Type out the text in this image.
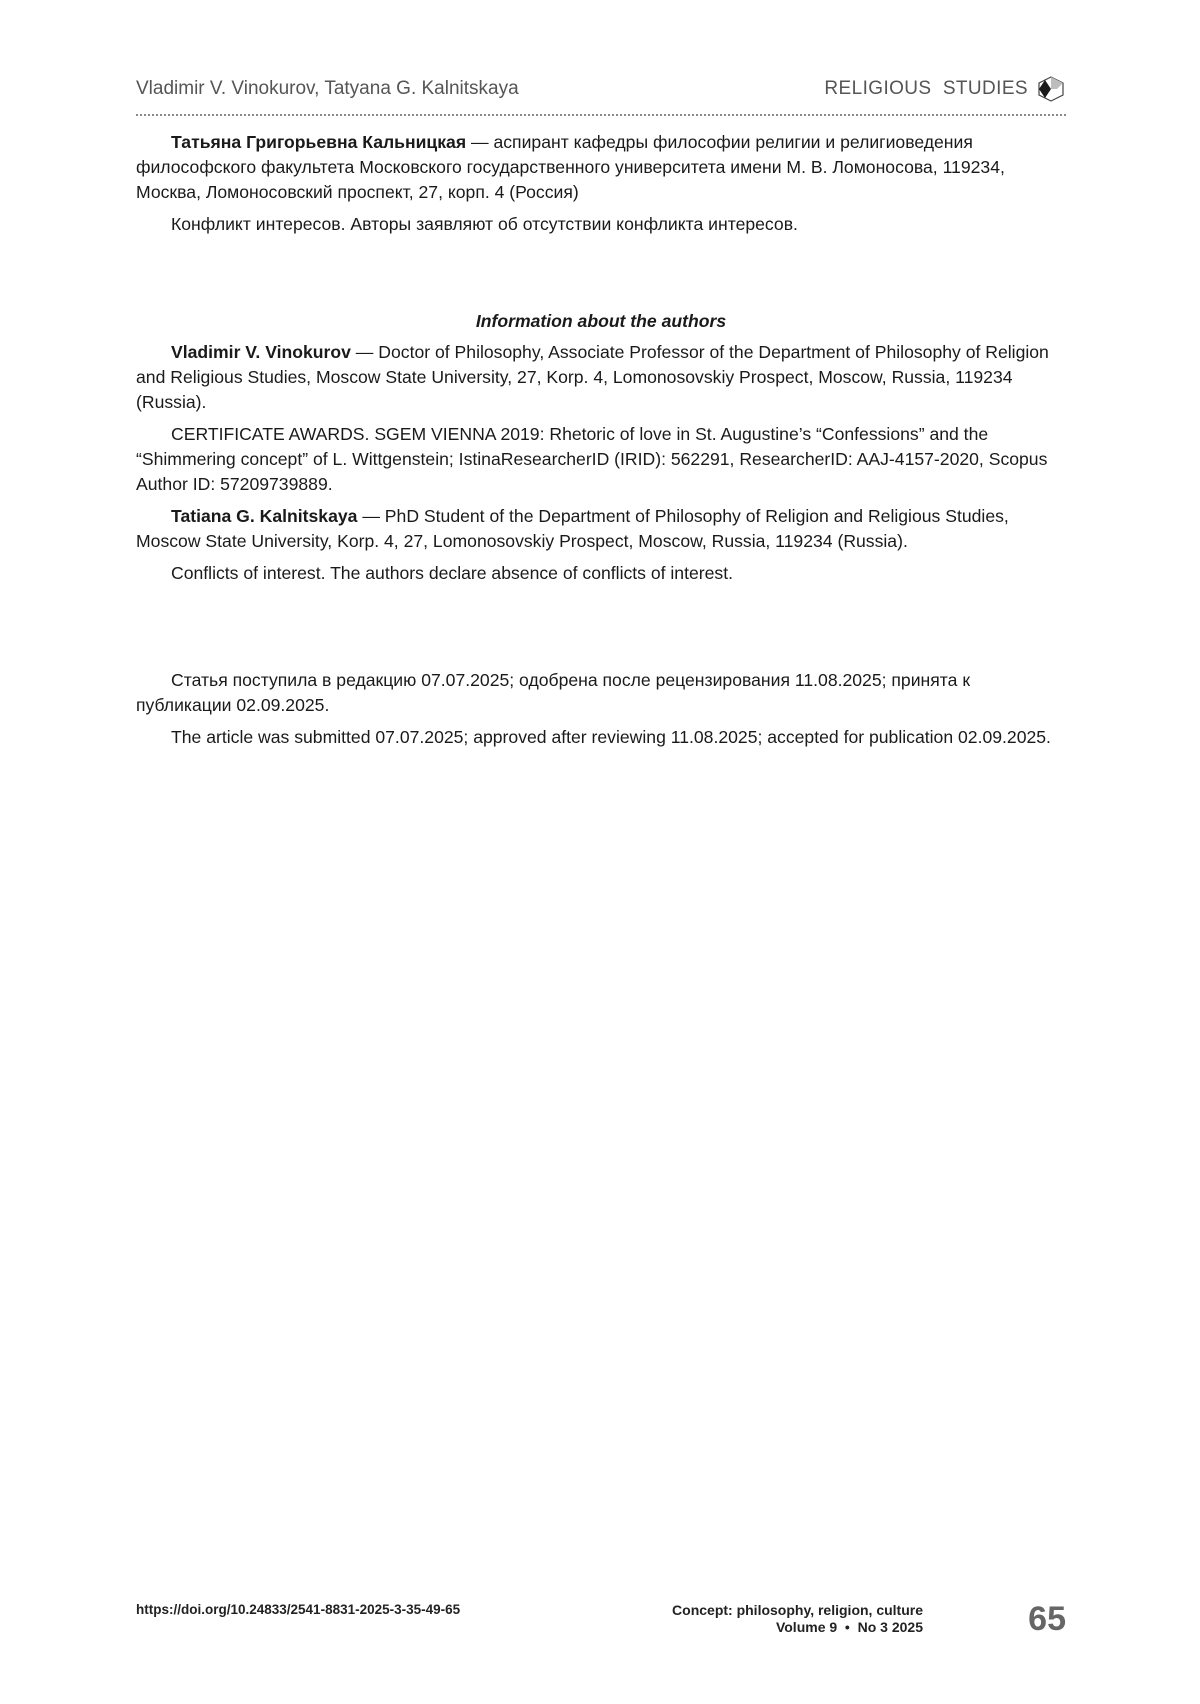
Vladimir V. Vinokurov, Tatyana G. Kalnitskaya	RELIGIOUS  STUDIES

Татьяна Григорьевна Кальницкая — аспирант кафедры философии религии и религиоведения философского факультета Московского государственного университета имени М. В. Ломоносова, 119234, Москва, Ломоносовский проспект, 27, корп. 4 (Россия)

Конфликт интересов. Авторы заявляют об отсутствии конфликта интересов.

Information about the authors

Vladimir V. Vinokurov — Doctor of Philosophy, Associate Professor of the Department of Philosophy of Religion and Religious Studies, Moscow State University, 27, Korp. 4, Lomonosovskiy Prospect, Moscow, Russia, 119234 (Russia).

CERTIFICATE AWARDS. SGEM VIENNA 2019: Rhetoric of love in St. Augustine’s “Confessions” and the “Shimmering concept” of L. Wittgenstein; IstinaResearcherID (IRID): 562291, ResearcherID: AAJ-4157-2020, Scopus Author ID: 57209739889.

Tatiana G. Kalnitskaya — PhD Student of the Department of Philosophy of Religion and Religious Studies, Moscow State University, Korp. 4, 27, Lomonosovskiy Prospect, Moscow, Russia, 119234 (Russia).

Conflicts of interest. The authors declare absence of conflicts of interest.

Статья поступила в редакцию 07.07.2025; одобрена после рецензирования 11.08.2025; принята к публикации 02.09.2025.

The article was submitted 07.07.2025; approved after reviewing 11.08.2025; accepted for publication 02.09.2025.

https://doi.org/10.24833/2541-8831-2025-3-35-49-65	Concept: philosophy, religion, culture
Volume 9  •  No 3 2025	65
